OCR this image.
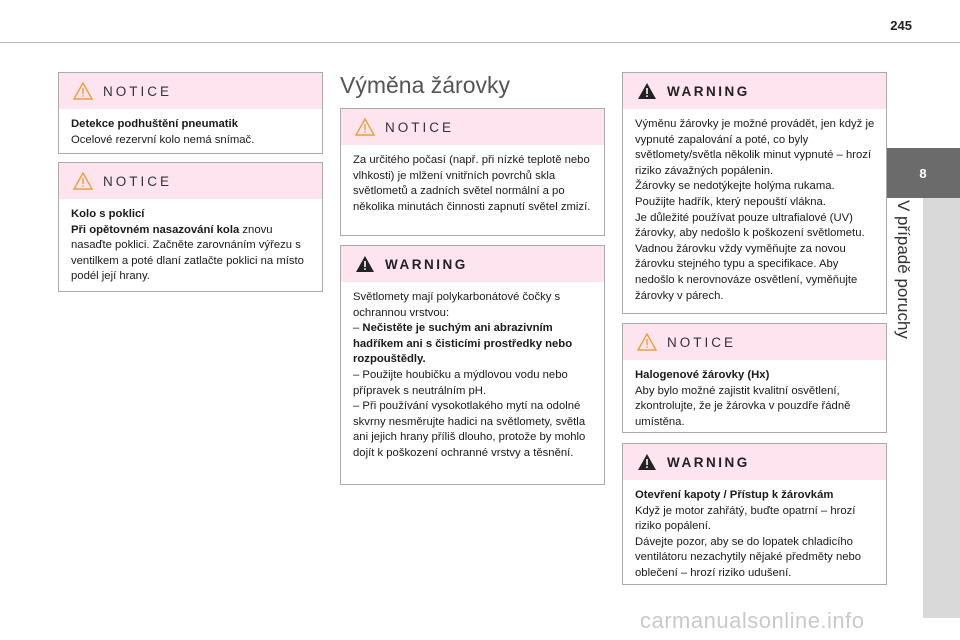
245
8
V případě poruchy
NOTICE

Detekce podhuštění pneumatik

Ocelové rezervní kolo nemá snímač.

NOTICE

Kolo s poklicí

Při opětovném nasazování kola znovu nasaďte poklici. Začněte zarovnáním výřezu s ventilkem a poté dlaní zatlačte poklici na místo podél její hrany.

Výměna žárovky
NOTICE

Za určitého počasí (např. při nízké teplotě nebo vlhkosti) je mlžení vnitřních povrchů skla světlometů a zadních světel normální a po několika minutách činnosti zapnutí světel zmizí.

WARNING

Světlomety mají polykarbonátové čočky s ochrannou vrstvou:

– Nečistěte je suchým ani abrazivním hadříkem ani s čisticími prostředky nebo rozpouštědly.

– Použijte houbičku a mýdlovou vodu nebo přípravek s neutrálním pH.

– Při používání vysokotlakého mytí na odolné skvrny nesměrujte hadici na světlomety, světla ani jejich hrany příliš dlouho, protože by mohlo dojít k poškození ochranné vrstvy a těsnění.

WARNING

Výměnu žárovky je možné provádět, jen když je vypnuté zapalování a poté, co byly světlomety/světla několik minut vypnuté – hrozí riziko závažných popálenin.

Žárovky se nedotýkejte holýma rukama.

Použijte hadřík, který nepouští vlákna.

Je důležité používat pouze ultrafialové (UV) žárovky, aby nedošlo k poškození světlometu.

Vadnou žárovku vždy vyměňujte za novou žárovku stejného typu a specifikace. Aby nedošlo k nerovnováze osvětlení, vyměňujte žárovky v párech.

NOTICE

Halogenové žárovky (Hx)

Aby bylo možné zajistit kvalitní osvětlení, zkontrolujte, že je žárovka v pouzdře řádně umístěna.

WARNING

Otevření kapoty / Přístup k žárovkám

Když je motor zahřátý, buďte opatrní – hrozí riziko popálení.

Dávejte pozor, aby se do lopatek chladicího ventilátoru nezachytily nějaké předměty nebo oblečení – hrozí riziko udušení.

carmanualsonline.info
